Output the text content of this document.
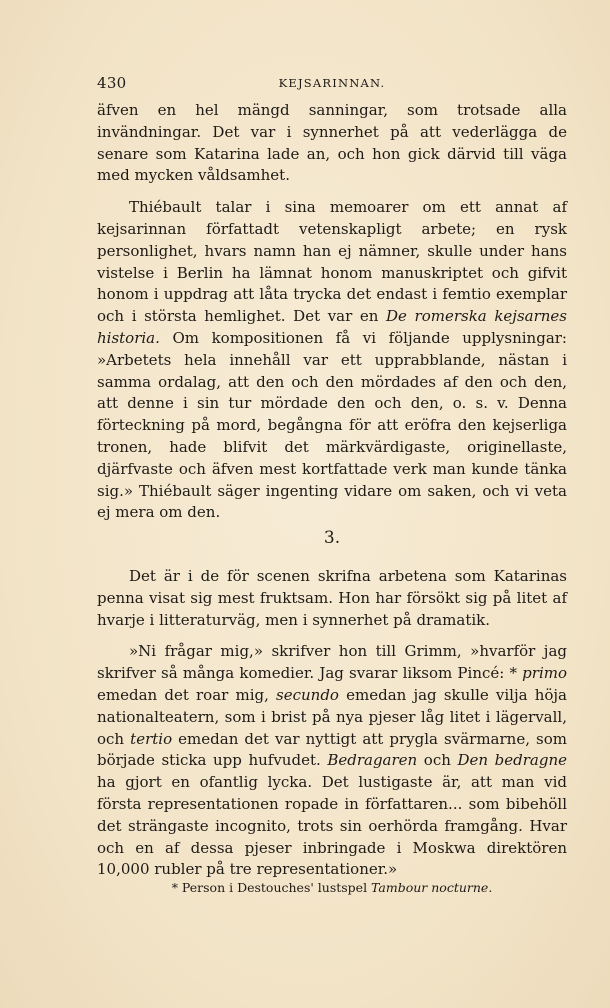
430	KEJSARINNAN.

äfven en hel mängd sanningar, som trotsade alla invändningar. Det var i synnerhet på att vederlägga de senare som Katarina lade an, och hon gick därvid till väga med mycken våldsamhet.

Thiébault talar i sina memoarer om ett annat af kejsarinnan författadt vetenskapligt arbete; en rysk personlighet, hvars namn han ej nämner, skulle under hans vistelse i Berlin ha lämnat honom manuskriptet och gifvit honom i uppdrag att låta trycka det endast i femtio exemplar och i största hemlighet. Det var en De romerska kejsarnes historia. Om kompositionen få vi följande upplysningar: »Arbetets hela innehåll var ett upprabblande, nästan i samma ordalag, att den och den mördades af den och den, att denne i sin tur mördade den och den, o. s. v. Denna förteckning på mord, begångna för att eröfra den kejserliga tronen, hade blifvit det märkvärdigaste, originellaste, djärfvaste och äfven mest kortfattade verk man kunde tänka sig.» Thiébault säger ingenting vidare om saken, och vi veta ej mera om den.

3.

Det är i de för scenen skrifna arbetena som Katarinas penna visat sig mest fruktsam. Hon har försökt sig på litet af hvarje i litteraturväg, men i synnerhet på dramatik.

»Ni frågar mig,» skrifver hon till Grimm, »hvarför jag skrifver så många komedier. Jag svarar liksom Pincé: * primo emedan det roar mig, secundo emedan jag skulle vilja höja nationalteatern, som i brist på nya pjeser låg litet i lägervall, och tertio emedan det var nyttigt att prygla svärmarne, som började sticka upp hufvudet. Bedragaren och Den bedragne ha gjort en ofantlig lycka. Det lustigaste är, att man vid första representationen ropade in författaren... som bibehöll det strängaste incognito, trots sin oerhörda framgång. Hvar och en af dessa pjeser inbringade i Moskwa direktören 10,000 rubler på tre representationer.»

* Person i Destouches' lustspel Tambour nocturne.
